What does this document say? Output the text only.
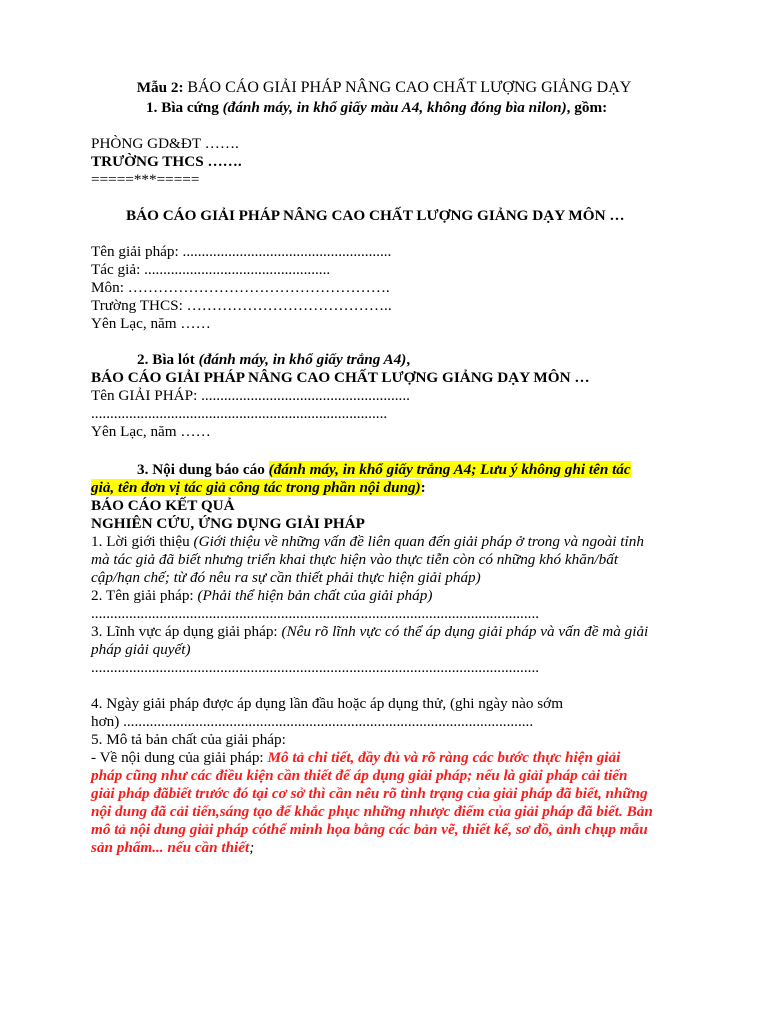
Mẫu 2: BÁO CÁO GIẢI PHÁP NÂNG CAO CHẤT LƯỢNG GIẢNG DẠY
1. Bìa cứng (đánh máy, in khổ giấy màu A4, không đóng bìa nilon), gồm:
PHÒNG GD&ĐT …….
TRƯỜNG THCS …….
=====***=====
BÁO CÁO GIẢI PHÁP NÂNG CAO CHẤT LƯỢNG GIẢNG DẠY MÔN …
Tên giải pháp: .......................................................
Tác giả: .................................................
Môn: …………………………………………….
Trường THCS: …………………………………..
Yên Lạc, năm ……
2. Bìa lót (đánh máy, in khổ giấy trắng A4),
BÁO CÁO GIẢI PHÁP NÂNG CAO CHẤT LƯỢNG GIẢNG DẠY MÔN …
Tên GIẢI PHÁP: .......................................................
..............................................................................
Yên Lạc, năm ……
3. Nội dung báo cáo (đánh máy, in khổ giấy trắng A4; Lưu ý không ghi tên tác
giả, tên đơn vị tác giả công tác trong phần nội dung):
BÁO CÁO KẾT QUẢ
NGHIÊN CỨU, ỨNG DỤNG GIẢI PHÁP
1. Lời giới thiệu (Giới thiệu về những vấn đề liên quan đến giải pháp ở trong và ngoài tỉnh
mà tác giả đã biết nhưng triển khai thực hiện vào thực tiễn còn có những khó khăn/bất
cập/hạn chế; từ đó nêu ra sự cần thiết phải thực hiện giải pháp)
2. Tên giải pháp: (Phải thể hiện bản chất của giải pháp)
......................................................................................................................
3. Lĩnh vực áp dụng giải pháp: (Nêu rõ lĩnh vực có thể áp dụng giải pháp và vấn đề mà giải
pháp giải quyết)
......................................................................................................................
4. Ngày giải pháp được áp dụng lần đầu hoặc áp dụng thử, (ghi ngày nào sớm
hơn) ............................................................................................................
5. Mô tả bản chất của giải pháp:
- Về nội dung của giải pháp: Mô tả chi tiết, đầy đủ và rõ ràng các bước thực hiện giải
pháp cũng như các điều kiện cần thiết để áp dụng giải pháp; nếu là giải pháp cải tiến
giải pháp đãbiết trước đó tại cơ sở thì cần nêu rõ tình trạng của giải pháp đã biết, những
nội dung đã cải tiến,sáng tạo để khắc phục những nhược điểm của giải pháp đã biết. Bản
mô tả nội dung giải pháp cóthể minh họa bằng các bản vẽ, thiết kế, sơ đồ, ảnh chụp mẫu
sản phẩm... nếu cần thiết;
